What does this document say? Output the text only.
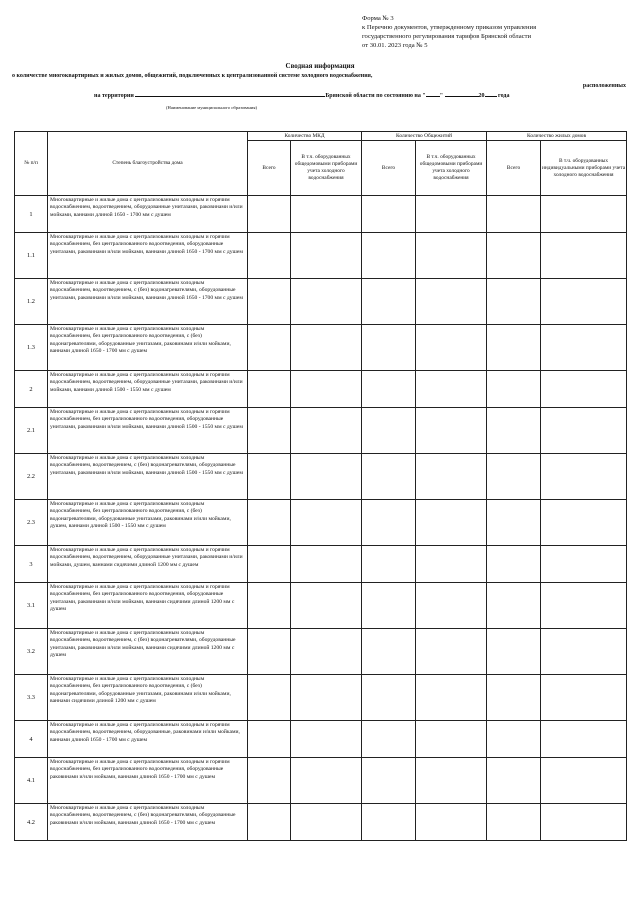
Форма № 3
к Перечню документов, утвержденному приказом управления
государственного регулирования тарифов Брянской области
от 30.01. 2023 года № 5
Сводная информация
о количестве многоквартирных и жилых домов, общежитий, подключенных к централизованной системе холодного водоснабжения,
расположенных
на территории	Брянской области по состоянию на " "	20 года
(Наименование муниципального образования)
№ п/п	Степень благоустройства дома	Количество МКД		Количество Общежитий		Количество жилых домов	
		Всего	В т.ч. оборудованных общедомовыми приборами учета холодного водоснабжения	Всего	В т.ч. оборудованных общедомовыми приборами учета холодного водоснабжения	Всего	В т.ч. оборудованных индивидуальными приборами учета холодного водоснабжения
1	Многоквартирные и жилые дома с централизованным холодным и горячим водоснабжением, водоотведением, оборудованные унитазами, раковинами и/или мойками, ваннами длиной 1650 - 1700 мм с душем						
1.1	Многоквартирные и жилые дома с централизованным холодным и горячим водоснабжением, без централизованного водоотведения, оборудованные унитазами, раковинами и/или мойками, ваннами длиной 1650 - 1700 мм с душем						
1.2	Многоквартирные и жилые дома с централизованным холодным водоснабжением, водоотведением, с (без) водонагревателями, оборудованные унитазами, раковинами и/или мойками, ваннами длиной 1650 - 1700 мм с душем						
1.3	Многоквартирные и жилые дома с централизованным холодным водоснабжением, без централизованного водоотведения, с (без) водонагревателями, оборудованные унитазами, раковинами и/или мойками, ваннами длиной 1650 - 1700 мм с душем						
2	Многоквартирные и жилые дома с централизованным холодным и горячим водоснабжением, водоотведением, оборудованные унитазами, раковинами и/или мойками, ваннами длиной 1500 - 1550 мм с душем						
2.1	Многоквартирные и жилые дома с централизованным холодным и горячим водоснабжением, без централизованного водоотведения, оборудованные унитазами, раковинами и/или мойками, ваннами длиной 1500 - 1550 мм с душем						
2.2	Многоквартирные и жилые дома с централизованным холодным водоснабжением, водоотведением, с (без) водонагревателями, оборудованные унитазами, раковинами и/или мойками, ваннами длиной 1500 - 1550 мм с душем						
2.3	Многоквартирные и жилые дома с централизованным холодным водоснабжением, без централизованного водоотведения, с (без) водонагревателями, оборудованные унитазами, раковинами и/или мойками, душем, ваннами длиной 1500 - 1550 мм с душем						
3	Многоквартирные и жилые дома с централизованным холодным и горячим водоснабжением, водоотведением, оборудованные унитазами, раковинами и/или мойками, душем, ваннами сидячими длиной 1200 мм с душем						
3.1	Многоквартирные и жилые дома с централизованным холодным и горячим водоснабжением, без централизованного водоотведения, оборудованные унитазами, раковинами и/или мойками, ваннами сидячими длиной 1200 мм с душем						
3.2	Многоквартирные и жилые дома с централизованным холодным водоснабжением, водоотведением, с (без) водонагревателями, оборудованные унитазами, раковинами и/или мойками, ваннами сидячими длиной 1200 мм с душем						
3.3	Многоквартирные и жилые дома с централизованным холодным водоснабжением, без централизованного водоотведения, с (без) водонагревателями, оборудованные унитазами, раковинами и/или мойками, ваннами сидячими длиной 1200 мм с душем						
4	Многоквартирные и жилые дома с централизованным холодным и горячим водоснабжением, водоотведением, оборудованные, раковинами и/или мойками, ваннами длиной 1650 - 1700 мм с душем						
4.1	Многоквартирные и жилые дома с централизованным холодным и горячим водоснабжением, без централизованного водоотведения, оборудованные раковинами и/или мойками, ваннами длиной 1650 - 1700 мм с душем						
4.2	Многоквартирные и жилые дома с централизованным холодным водоснабжением, водоотведением, с (без) водонагревателями, оборудованные раковинами и/или мойками, ваннами длиной 1650 - 1700 мм с душем						
